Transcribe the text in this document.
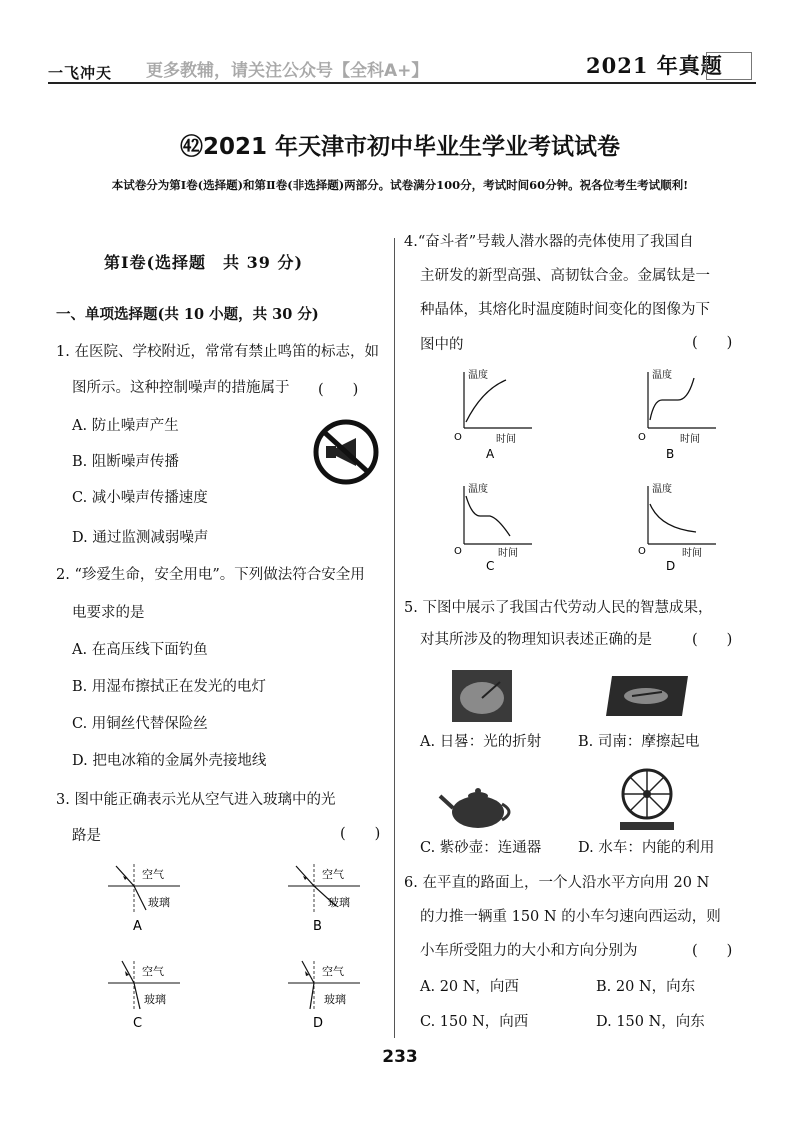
一飞冲天 更多教辅，请关注公众号【全科A+】	2021 年真题
㊷2021 年天津市初中毕业生学业考试试卷
本试卷分为第Ⅰ卷(选择题)和第Ⅱ卷(非选择题)两部分。试卷满分100分，考试时间60分钟。祝各位考生考试顺利!
第Ⅰ卷(选择题　共 39 分)
一、单项选择题(共 10 小题，共 30 分)
1. 在医院、学校附近，常常有禁止鸣笛的标志，如
图所示。这种控制噪声的措施属于 (　　)
A. 防止噪声产生
B. 阻断噪声传播
C. 减小噪声传播速度
D. 通过监测减弱噪声
2. “珍爱生命，安全用电”。下列做法符合安全用
电要求的是
A. 在高压线下面钓鱼
B. 用湿布擦拭正在发光的电灯
C. 用铜丝代替保险丝
D. 把电冰箱的金属外壳接地线
3. 图中能正确表示光从空气进入玻璃中的光
路是	(　　)
空气
玻璃
A
空气
玻璃
B
空气
玻璃
C
空气
玻璃
D
4.“奋斗者”号载人潜水器的壳体使用了我国自
主研发的新型高强、高韧钛合金。金属钛是一
种晶体，其熔化时温度随时间变化的图像为下
图中的	(　　)
温度
时间
O
A
温度
时间
O
B
温度
时间
O
C
温度
时间
O
D
5. 下图中展示了我国古代劳动人民的智慧成果，
对其所涉及的物理知识表述正确的是	(　　)
A. 日晷：光的折射	B. 司南：摩擦起电
C. 紫砂壶：连通器	D. 水车：内能的利用
6. 在平直的路面上，一个人沿水平方向用 20 N
的力推一辆重 150 N 的小车匀速向西运动，则
小车所受阻力的大小和方向分别为	(　　)
A. 20 N，向西	B. 20 N，向东
C. 150 N，向西	D. 150 N，向东
233
